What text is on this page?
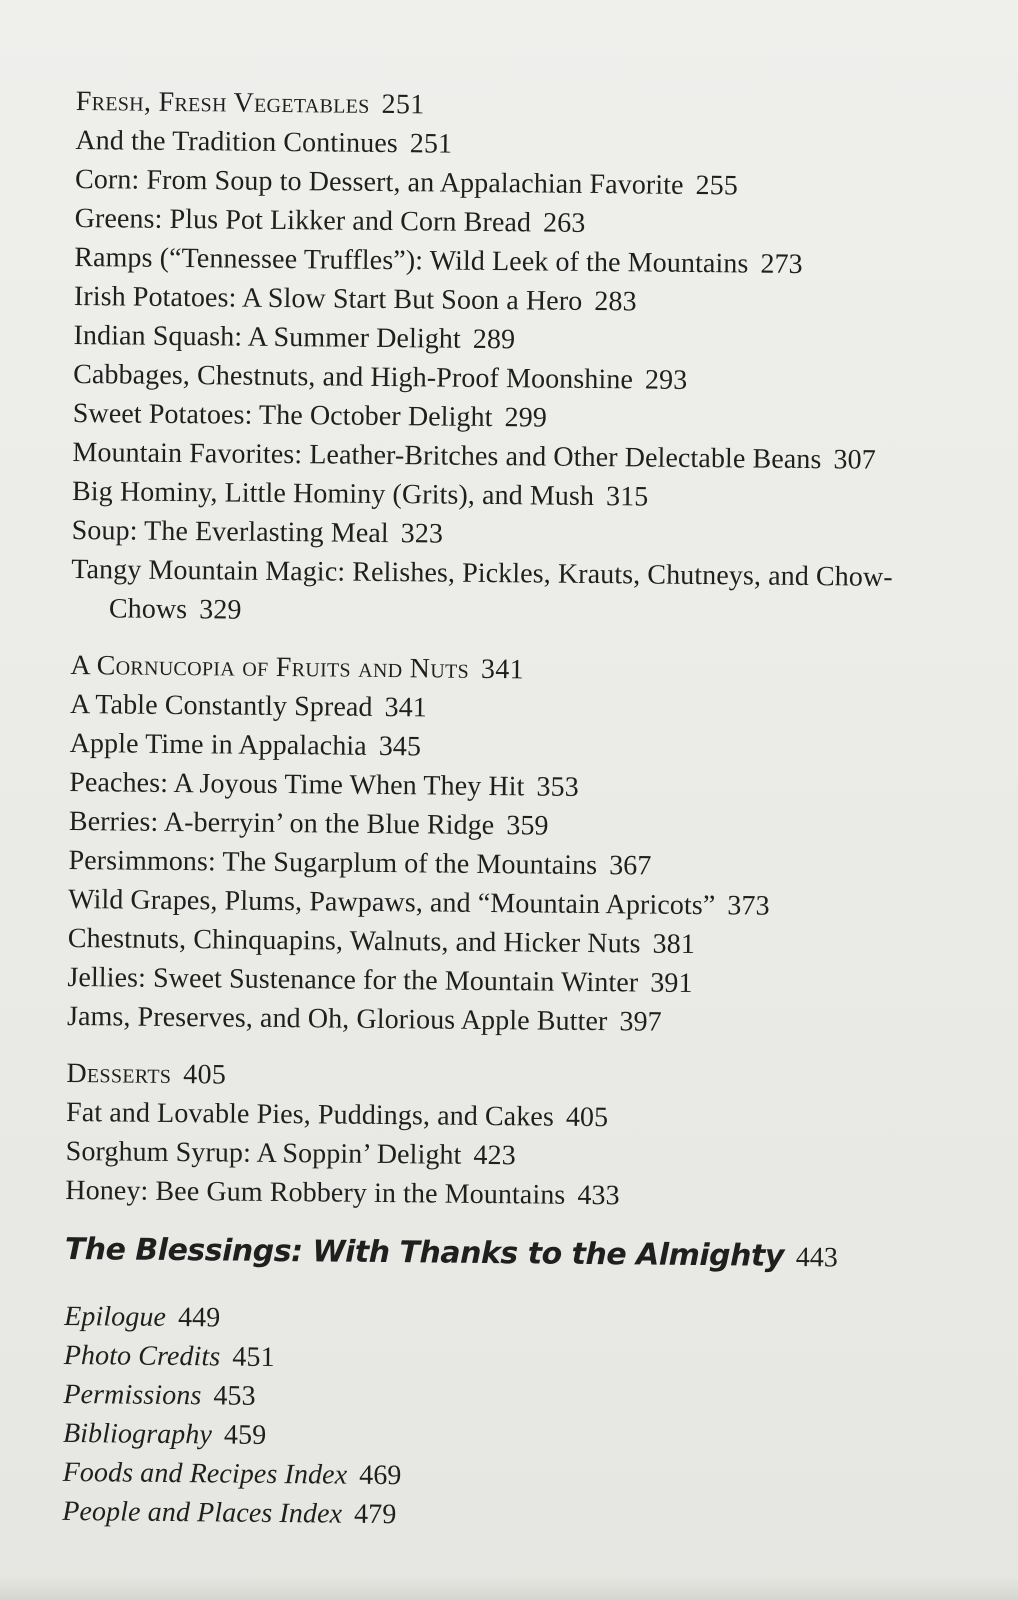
Fresh, Fresh Vegetables 251
And the Tradition Continues 251
Corn: From Soup to Dessert, an Appalachian Favorite 255
Greens: Plus Pot Likker and Corn Bread 263
Ramps (“Tennessee Truffles”): Wild Leek of the Mountains 273
Irish Potatoes: A Slow Start But Soon a Hero 283
Indian Squash: A Summer Delight 289
Cabbages, Chestnuts, and High-Proof Moonshine 293
Sweet Potatoes: The October Delight 299
Mountain Favorites: Leather-Britches and Other Delectable Beans 307
Big Hominy, Little Hominy (Grits), and Mush 315
Soup: The Everlasting Meal 323
Tangy Mountain Magic: Relishes, Pickles, Krauts, Chutneys, and Chow-Chows 329
A Cornucopia of Fruits and Nuts 341
A Table Constantly Spread 341
Apple Time in Appalachia 345
Peaches: A Joyous Time When They Hit 353
Berries: A-berryin’ on the Blue Ridge 359
Persimmons: The Sugarplum of the Mountains 367
Wild Grapes, Plums, Pawpaws, and “Mountain Apricots” 373
Chestnuts, Chinquapins, Walnuts, and Hicker Nuts 381
Jellies: Sweet Sustenance for the Mountain Winter 391
Jams, Preserves, and Oh, Glorious Apple Butter 397
Desserts 405
Fat and Lovable Pies, Puddings, and Cakes 405
Sorghum Syrup: A Soppin’ Delight 423
Honey: Bee Gum Robbery in the Mountains 433
The Blessings: With Thanks to the Almighty 443
Epilogue 449
Photo Credits 451
Permissions 453
Bibliography 459
Foods and Recipes Index 469
People and Places Index 479
